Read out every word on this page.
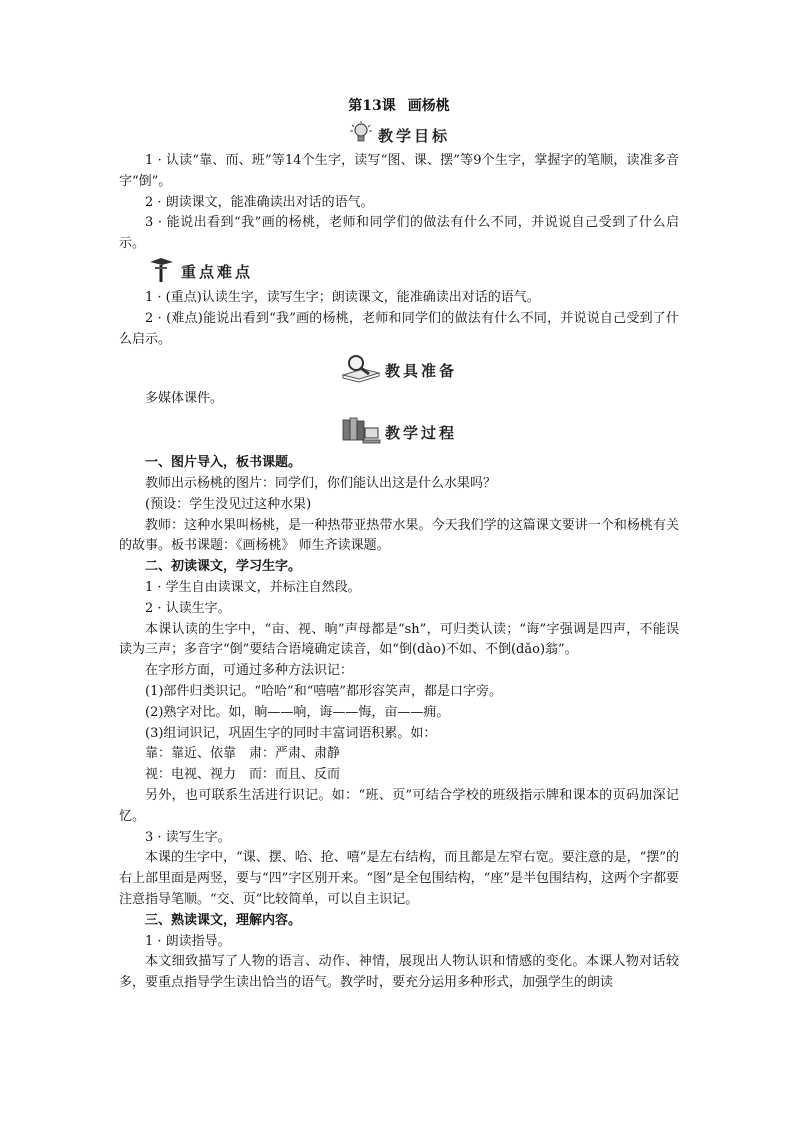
第13课 画杨桃
教学目标

1 · 认读“靠、而、班”等14个生字，读写“图、课、摆”等9个生字，掌握字的笔顺，读准多音字“倒”。

2 · 朗读课文，能准确读出对话的语气。

3 · 能说出看到“我”画的杨桃，老师和同学们的做法有什么不同，并说说自己受到了什么启示。

重点难点

1 · (重点)认读生字，读写生字；朗读课文，能准确读出对话的语气。

2 · (难点)能说出看到“我”画的杨桃，老师和同学们的做法有什么不同，并说说自己受到了什么启示。

教具准备

多媒体课件。

教学过程

一、图片导入，板书课题。

教师出示杨桃的图片：同学们，你们能认出这是什么水果吗？

(预设：学生没见过这种水果)

教师：这种水果叫杨桃，是一种热带亚热带水果。今天我们学的这篇课文要讲一个和杨桃有关的故事。板书课题：《画杨桃》 师生齐读课题。

二、初读课文，学习生字。

1 · 学生自由读课文，并标注自然段。

2 · 认读生字。

本课认读的生字中，“亩、视、晌”声母都是“sh”，可归类认读；“诲”字强调是四声，不能误读为三声；多音字“倒”要结合语境确定读音，如“倒(dào)不如、不倒(dǎo)翁”。

在字形方面，可通过多种方法识记：

(1)部件归类识记。“哈哈”和“嘻嘻”都形容笑声，都是口字旁。

(2)熟字对比。如，晌——响，诲——悔，亩——痈。

(3)组词识记，巩固生字的同时丰富词语积累。如：

靠：靠近、依靠 肃：严肃、肃静
视：电视、视力 而：而且、反而

另外，也可联系生活进行识记。如：“班、页”可结合学校的班级指示牌和课本的页码加深记忆。

3 · 读写生字。

本课的生字中，“课、摆、哈、抢、嘻”是左右结构，而且都是左窄右宽。要注意的是，“摆”的右上部里面是两竖，要与“四”字区别开来。“图”是全包围结构，“座”是半包围结构，这两个字都要注意指导笔顺。“交、页”比较简单，可以自主识记。

三、熟读课文，理解内容。

1 · 朗读指导。

本文细致描写了人物的语言、动作、神情，展现出人物认识和情感的变化。本课人物对话较多，要重点指导学生读出恰当的语气。教学时，要充分运用多种形式，加强学生的朗读
